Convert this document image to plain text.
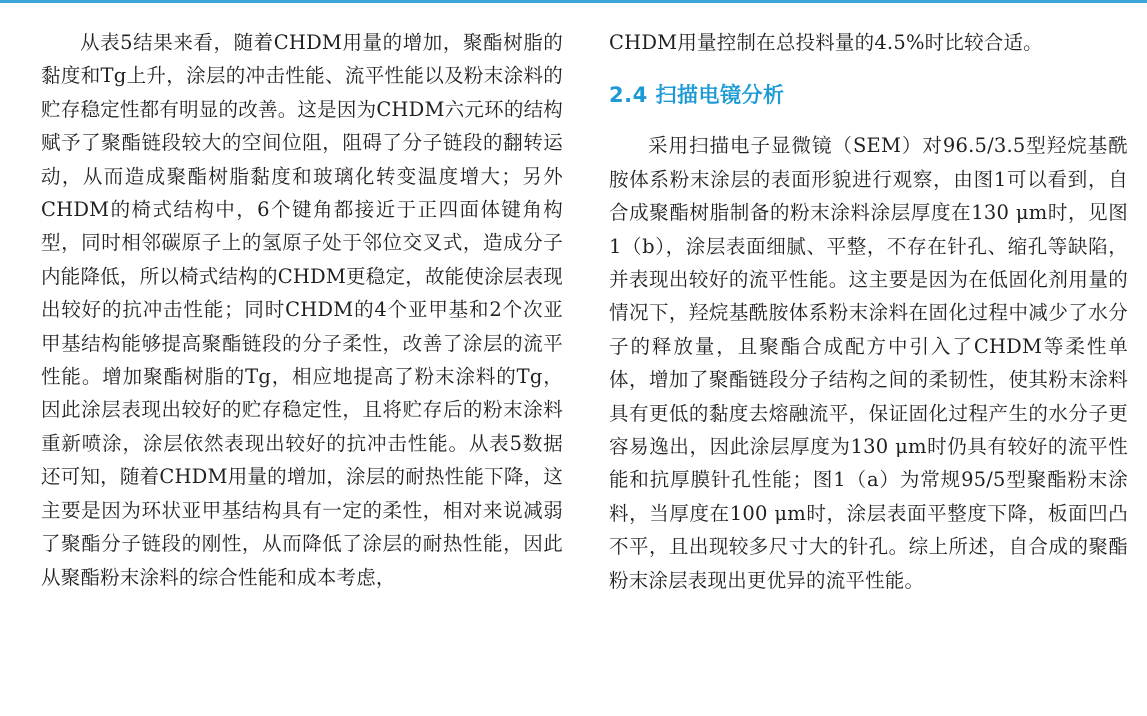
从表5结果来看，随着CHDM用量的增加，聚酯树脂的黏度和Tg上升，涂层的冲击性能、流平性能以及粉末涂料的贮存稳定性都有明显的改善。这是因为CHDM六元环的结构赋予了聚酯链段较大的空间位阻，阻碍了分子链段的翻转运动，从而造成聚酯树脂黏度和玻璃化转变温度增大；另外CHDM的椅式结构中，6个键角都接近于正四面体键角构型，同时相邻碳原子上的氢原子处于邻位交叉式，造成分子内能降低，所以椅式结构的CHDM更稳定，故能使涂层表现出较好的抗冲击性能；同时CHDM的4个亚甲基和2个次亚甲基结构能够提高聚酯链段的分子柔性，改善了涂层的流平性能。增加聚酯树脂的Tg，相应地提高了粉末涂料的Tg，因此涂层表现出较好的贮存稳定性，且将贮存后的粉末涂料重新喷涂，涂层依然表现出较好的抗冲击性能。从表5数据还可知，随着CHDM用量的增加，涂层的耐热性能下降，这主要是因为环状亚甲基结构具有一定的柔性，相对来说减弱了聚酯分子链段的刚性，从而降低了涂层的耐热性能，因此从聚酯粉末涂料的综合性能和成本考虑，

CHDM用量控制在总投料量的4.5%时比较合适。

2.4 扫描电镜分析

采用扫描电子显微镜（SEM）对96.5/3.5型羟烷基酰胺体系粉末涂层的表面形貌进行观察，由图1可以看到，自合成聚酯树脂制备的粉末涂料涂层厚度在130 μm时，见图1（b），涂层表面细腻、平整，不存在针孔、缩孔等缺陷，并表现出较好的流平性能。这主要是因为在低固化剂用量的情况下，羟烷基酰胺体系粉末涂料在固化过程中减少了水分子的释放量，且聚酯合成配方中引入了CHDM等柔性单体，增加了聚酯链段分子结构之间的柔韧性，使其粉末涂料具有更低的黏度去熔融流平，保证固化过程产生的水分子更容易逸出，因此涂层厚度为130 μm时仍具有较好的流平性能和抗厚膜针孔性能；图1（a）为常规95/5型聚酯粉末涂料，当厚度在100 μm时，涂层表面平整度下降，板面凹凸不平，且出现较多尺寸大的针孔。综上所述，自合成的聚酯粉末涂层表现出更优异的流平性能。
